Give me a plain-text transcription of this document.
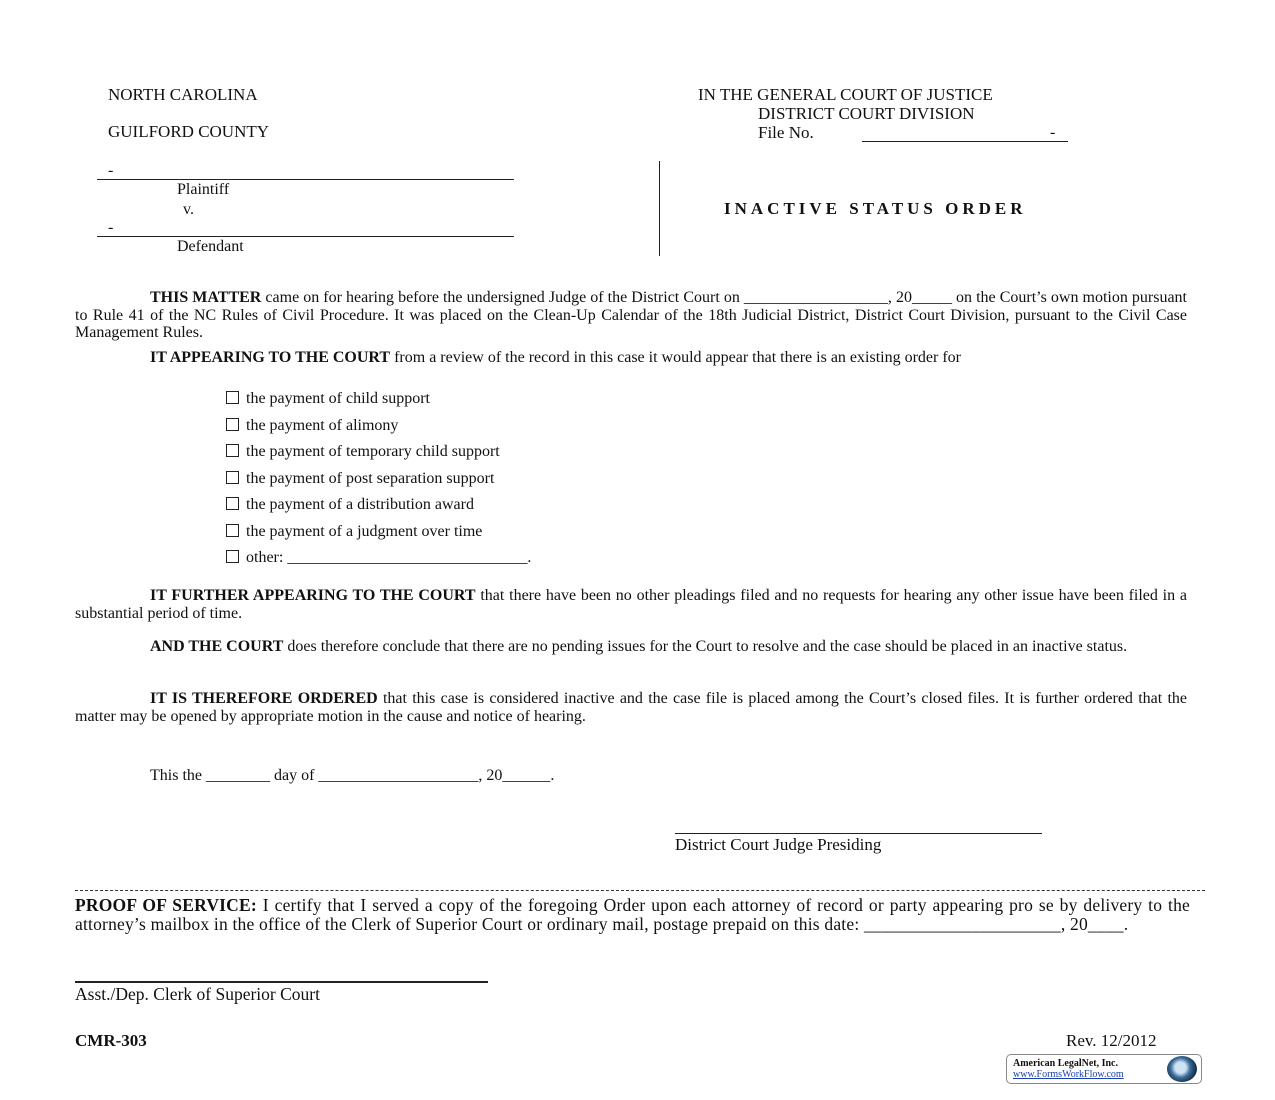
NORTH CAROLINA
GUILFORD COUNTY
IN THE GENERAL COURT OF JUSTICE
DISTRICT COURT DIVISION
File No.	-
-
Plaintiff
v.
-
Defendant
INACTIVE STATUS ORDER
THIS MATTER came on for hearing before the undersigned Judge of the District Court on __________________, 20_____ on the Court’s own motion pursuant to Rule 41 of the NC Rules of Civil Procedure. It was placed on the Clean-Up Calendar of the 18th Judicial District, District Court Division, pursuant to the Civil Case Management Rules.
IT APPEARING TO THE COURT from a review of the record in this case it would appear that there is an existing order for
the payment of child support
the payment of alimony
the payment of temporary child support
the payment of post separation support
the payment of a distribution award
the payment of a judgment over time
other: ______________________________.
IT FURTHER APPEARING TO THE COURT that there have been no other pleadings filed and no requests for hearing any other issue have been filed in a substantial period of time.
AND THE COURT does therefore conclude that there are no pending issues for the Court to resolve and the case should be placed in an inactive status.
IT IS THEREFORE ORDERED that this case is considered inactive and the case file is placed among the Court’s closed files. It is further ordered that the matter may be opened by appropriate motion in the cause and notice of hearing.
This the ________ day of ____________________, 20______.
District Court Judge Presiding
PROOF OF SERVICE: I certify that I served a copy of the foregoing Order upon each attorney of record or party appearing pro se by delivery to the attorney’s mailbox in the office of the Clerk of Superior Court or ordinary mail, postage prepaid on this date: ______________________, 20____.
Asst./Dep. Clerk of Superior Court
CMR-303	Rev. 12/2012
American LegalNet, Inc.
www.FormsWorkFlow.com
